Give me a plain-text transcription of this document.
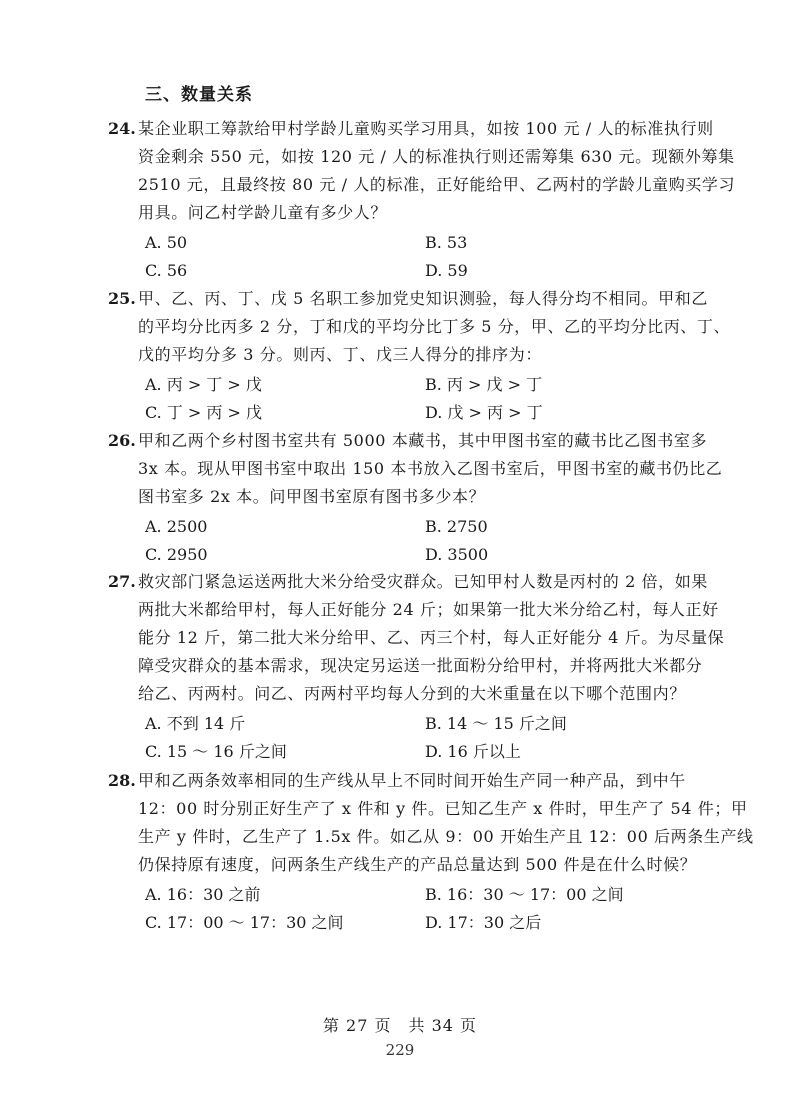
三、数量关系
24. 某企业职工筹款给甲村学龄儿童购买学习用具，如按 100 元 / 人的标准执行则
资金剩余 550 元，如按 120 元 / 人的标准执行则还需筹集 630 元。现额外筹集
2510 元，且最终按 80 元 / 人的标准，正好能给甲、乙两村的学龄儿童购买学习
用具。问乙村学龄儿童有多少人？
A. 50	B. 53
C. 56	D. 59
25. 甲、乙、丙、丁、戊 5 名职工参加党史知识测验，每人得分均不相同。甲和乙
的平均分比丙多 2 分，丁和戊的平均分比丁多 5 分，甲、乙的平均分比丙、丁、
戊的平均分多 3 分。则丙、丁、戊三人得分的排序为：
A. 丙 > 丁 > 戊	B. 丙 > 戊 > 丁
C. 丁 > 丙 > 戊	D. 戊 > 丙 > 丁
26. 甲和乙两个乡村图书室共有 5000 本藏书，其中甲图书室的藏书比乙图书室多
3x 本。现从甲图书室中取出 150 本书放入乙图书室后，甲图书室的藏书仍比乙
图书室多 2x 本。问甲图书室原有图书多少本？
A. 2500	B. 2750
C. 2950	D. 3500
27. 救灾部门紧急运送两批大米分给受灾群众。已知甲村人数是丙村的 2 倍，如果
两批大米都给甲村，每人正好能分 24 斤；如果第一批大米分给乙村，每人正好
能分 12 斤，第二批大米分给甲、乙、丙三个村，每人正好能分 4 斤。为尽量保
障受灾群众的基本需求，现决定另运送一批面粉分给甲村，并将两批大米都分
给乙、丙两村。问乙、丙两村平均每人分到的大米重量在以下哪个范围内？
A. 不到 14 斤	B. 14 ～ 15 斤之间
C. 15 ～ 16 斤之间	D. 16 斤以上
28. 甲和乙两条效率相同的生产线从早上不同时间开始生产同一种产品，到中午
12：00 时分别正好生产了 x 件和 y 件。已知乙生产 x 件时，甲生产了 54 件；甲
生产 y 件时，乙生产了 1.5x 件。如乙从 9：00 开始生产且 12：00 后两条生产线
仍保持原有速度，问两条生产线生产的产品总量达到 500 件是在什么时候？
A. 16：30 之前	B. 16：30 ～ 17：00 之间
C. 17：00 ～ 17：30 之间	D. 17：30 之后
第 27 页　共 34 页
229
